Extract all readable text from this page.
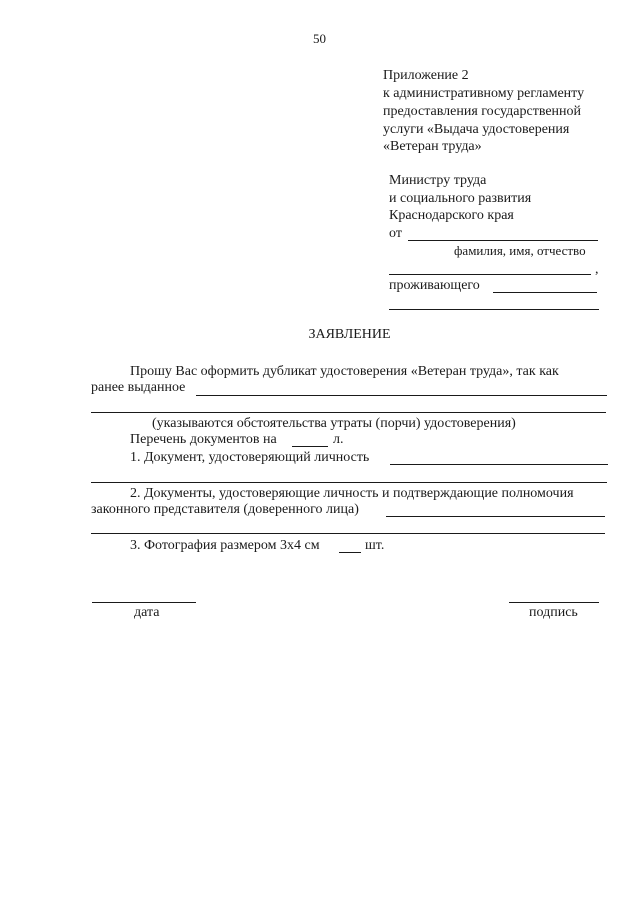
50
Приложение 2
к административному регламенту
предоставления государственной
услуги «Выдача удостоверения
«Ветеран труда»
Министру труда
и социального развития
Краснодарского края
от
фамилия, имя, отчество
,
проживающего
ЗАЯВЛЕНИЕ
Прошу Вас оформить дубликат удостоверения «Ветеран труда», так как
ранее выданное
(указываются обстоятельства утраты (порчи) удостоверения)
Перечень документов на	л.
1. Документ, удостоверяющий личность
2. Документы, удостоверяющие личность и подтверждающие полномочия
законного представителя (доверенного лица)
3. Фотография размером 3х4 см	шт.
дата	подпись
